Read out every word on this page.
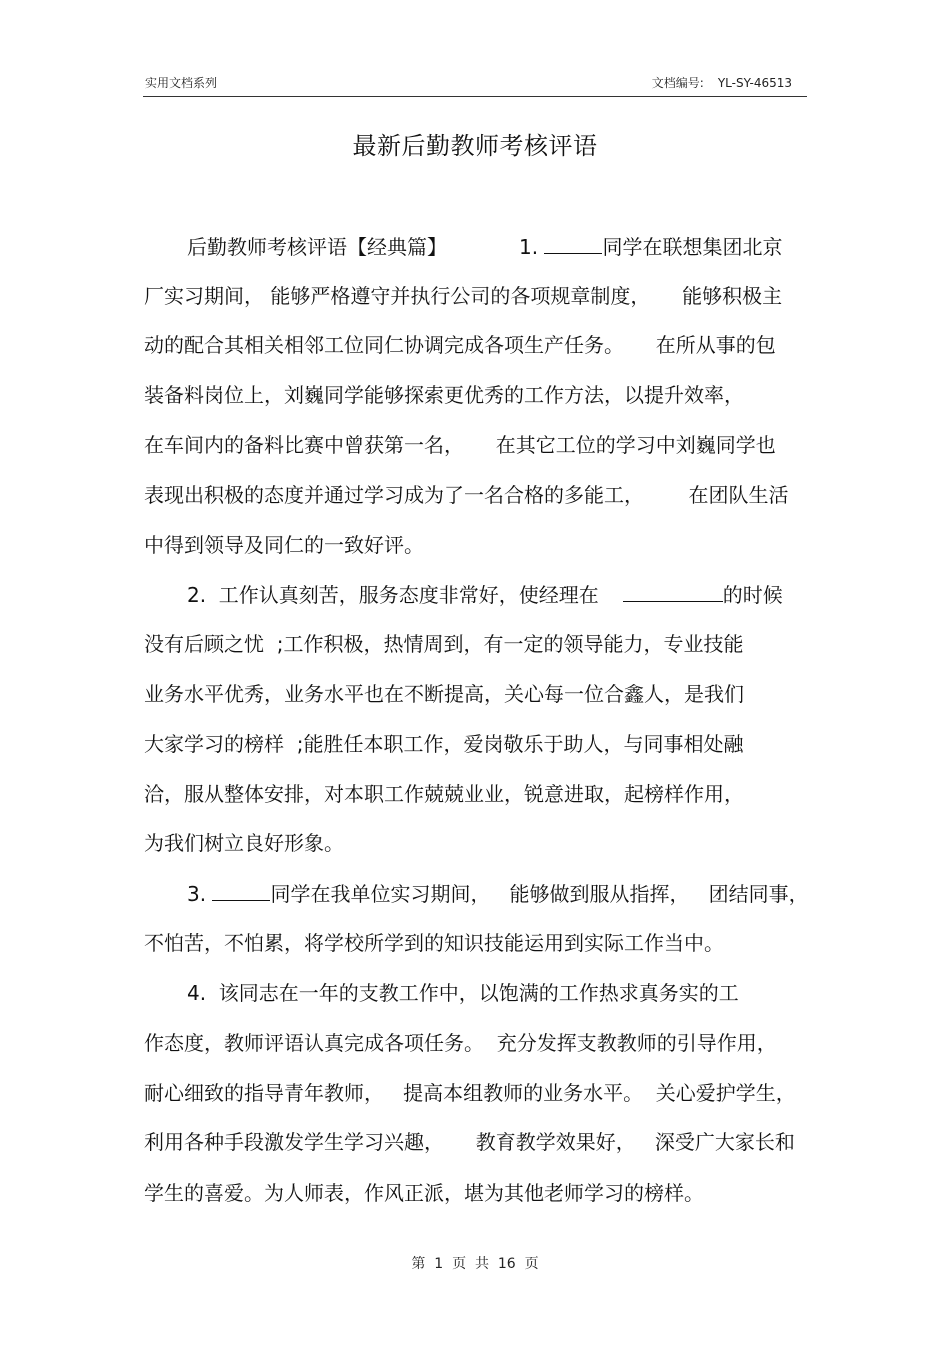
实用文档系列	文档编号: YL-SY-46513
最新后勤教师考核评语
后勤教师考核评语【经典篇】	1.	同学在联想集团北京
厂实习期间， 能够严格遵守并执行公司的各项规章制度，     能够积极主
动的配合其相关相邻工位同仁协调完成各项生产任务。     在所从事的包
装备料岗位上，刘巍同学能够探索更优秀的工作方法，以提升效率，
在车间内的备料比赛中曾获第一名，     在其它工位的学习中刘巍同学也
表现出积极的态度并通过学习成为了一名合格的多能工，       在团队生活
中得到领导及同仁的一致好评。
2.  工作认真刻苦，服务态度非常好，使经理在	的时候
没有后顾之忧  ;工作积极，热情周到，有一定的领导能力，专业技能
业务水平优秀，业务水平也在不断提高，关心每一位合鑫人，是我们
大家学习的榜样  ;能胜任本职工作，爱岗敬乐于助人，与同事相处融
洽，服从整体安排，对本职工作兢兢业业，锐意进取，起榜样作用，
为我们树立良好形象。
3.	同学在我单位实习期间，   能够做到服从指挥，   团结同事，
不怕苦，不怕累，将学校所学到的知识技能运用到实际工作当中。
4.  该同志在一年的支教工作中，以饱满的工作热求真务实的工
作态度，教师评语认真完成各项任务。  充分发挥支教教师的引导作用，
耐心细致的指导青年教师，   提高本组教师的业务水平。  关心爱护学生，
利用各种手段激发学生学习兴趣，     教育教学效果好，   深受广大家长和
学生的喜爱。为人师表，作风正派，堪为其他老师学习的榜样。
第  1  页  共  16  页
